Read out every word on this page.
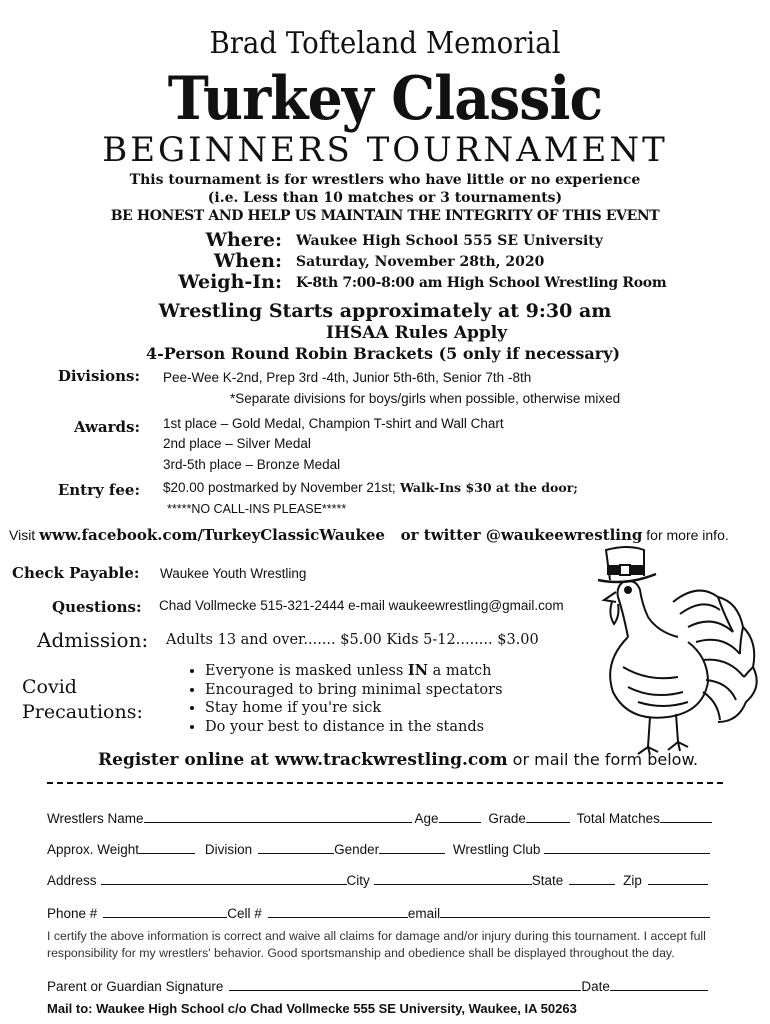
Brad Tofteland Memorial
Turkey Classic
BEGINNERS TOURNAMENT
This tournament is for wrestlers who have little or no experience
(i.e. Less than 10 matches or 3 tournaments)
BE HONEST AND HELP US MAINTAIN THE INTEGRITY OF THIS EVENT
Where: Waukee High School 555 SE University
When: Saturday, November 28th, 2020
Weigh-In: K-8th 7:00-8:00 am High School Wrestling Room
Wrestling Starts approximately at 9:30 am
IHSAA Rules Apply
4-Person Round Robin Brackets (5 only if necessary)
Divisions: Pee-Wee K-2nd, Prep 3rd -4th, Junior 5th-6th, Senior 7th -8th
*Separate divisions for boys/girls when possible, otherwise mixed
Awards: 1st place – Gold Medal, Champion T-shirt and Wall Chart
2nd place – Silver Medal
3rd-5th place – Bronze Medal
Entry fee: $20.00 postmarked by November 21st; Walk-Ins $30 at the door;
*****NO CALL-INS PLEASE*****
Visit www.facebook.com/TurkeyClassicWaukee   or twitter @waukeewrestling for more info.
Check Payable: Waukee Youth Wrestling
Questions: Chad Vollmecke 515-321-2444 e-mail waukeewrestling@gmail.com
Admission: Adults 13 and over....... $5.00 Kids 5-12........ $3.00
Covid
Precautions:
• Everyone is masked unless IN a match
• Encouraged to bring minimal spectators
• Stay home if you're sick
• Do your best to distance in the stands
Register online at www.trackwrestling.com or mail the form below.
Wrestlers Name	Age	Grade	Total Matches
Approx. Weight	Division	Gender	Wrestling Club
Address	City	State	Zip
Phone #	Cell #	email
I certify the above information is correct and waive all claims for damage and/or injury during this tournament. I accept full responsibility for my wrestlers' behavior. Good sportsmanship and obedience shall be displayed throughout the day.
Parent or Guardian Signature	Date
Mail to: Waukee High School c/o Chad Vollmecke 555 SE University, Waukee, IA 50263
